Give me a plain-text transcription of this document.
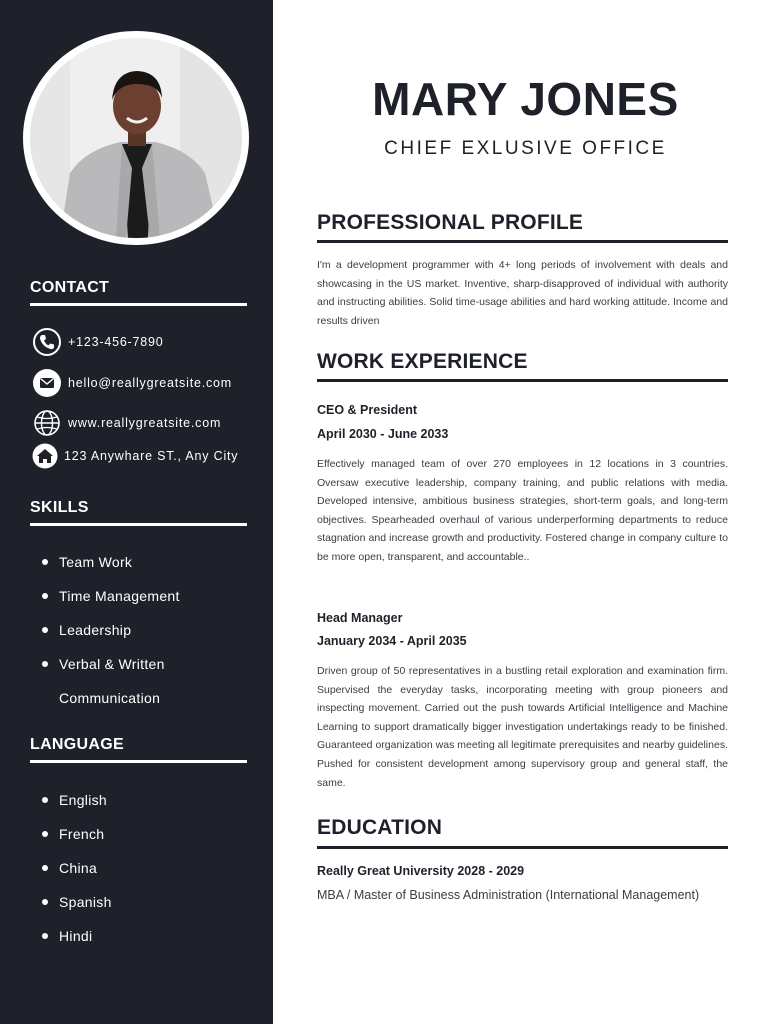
CONTACT
+123-456-7890
hello@reallygreatsite.com
www.reallygreatsite.com
123 Anywhare ST., Any City
SKILLS
Team Work
Time Management
Leadership
Verbal & Written
Communication
LANGUAGE
English
French
China
Spanish
Hindi
MARY JONES
CHIEF EXLUSIVE OFFICE
PROFESSIONAL PROFILE

I'm a development programmer with 4+ long periods of involvement with deals and showcasing in the US market. Inventive, sharp-disapproved of individual with authority and instructing abilities. Solid time-usage abilities and hard working attitude. Income and results driven

WORK EXPERIENCE
CEO & President
April 2030 - June 2033

Effectively managed team of over 270 employees in 12 locations in 3 countries. Oversaw executive leadership, company training, and public relations with media. Developed intensive, ambitious business strategies, short-term goals, and long-term objectives. Spearheaded overhaul of various underperforming departments to reduce stagnation and increase growth and productivity. Fostered change in company culture to be more open, transparent, and accountable..

Head Manager
January 2034 - April 2035

Driven group of 50 representatives in a bustling retail exploration and examination firm. Supervised the everyday tasks, incorporating meeting with group pioneers and inspecting movement. Carried out the push towards Artificial Intelligence and Machine Learning to support dramatically bigger investigation undertakings ready to be finished. Guaranteed organization was meeting all legitimate prerequisites and nearby guidelines. Pushed for consistent development among supervisory group and general staff, the same.

EDUCATION
Really Great University 2028 - 2029
MBA / Master of Business Administration (International Management)
